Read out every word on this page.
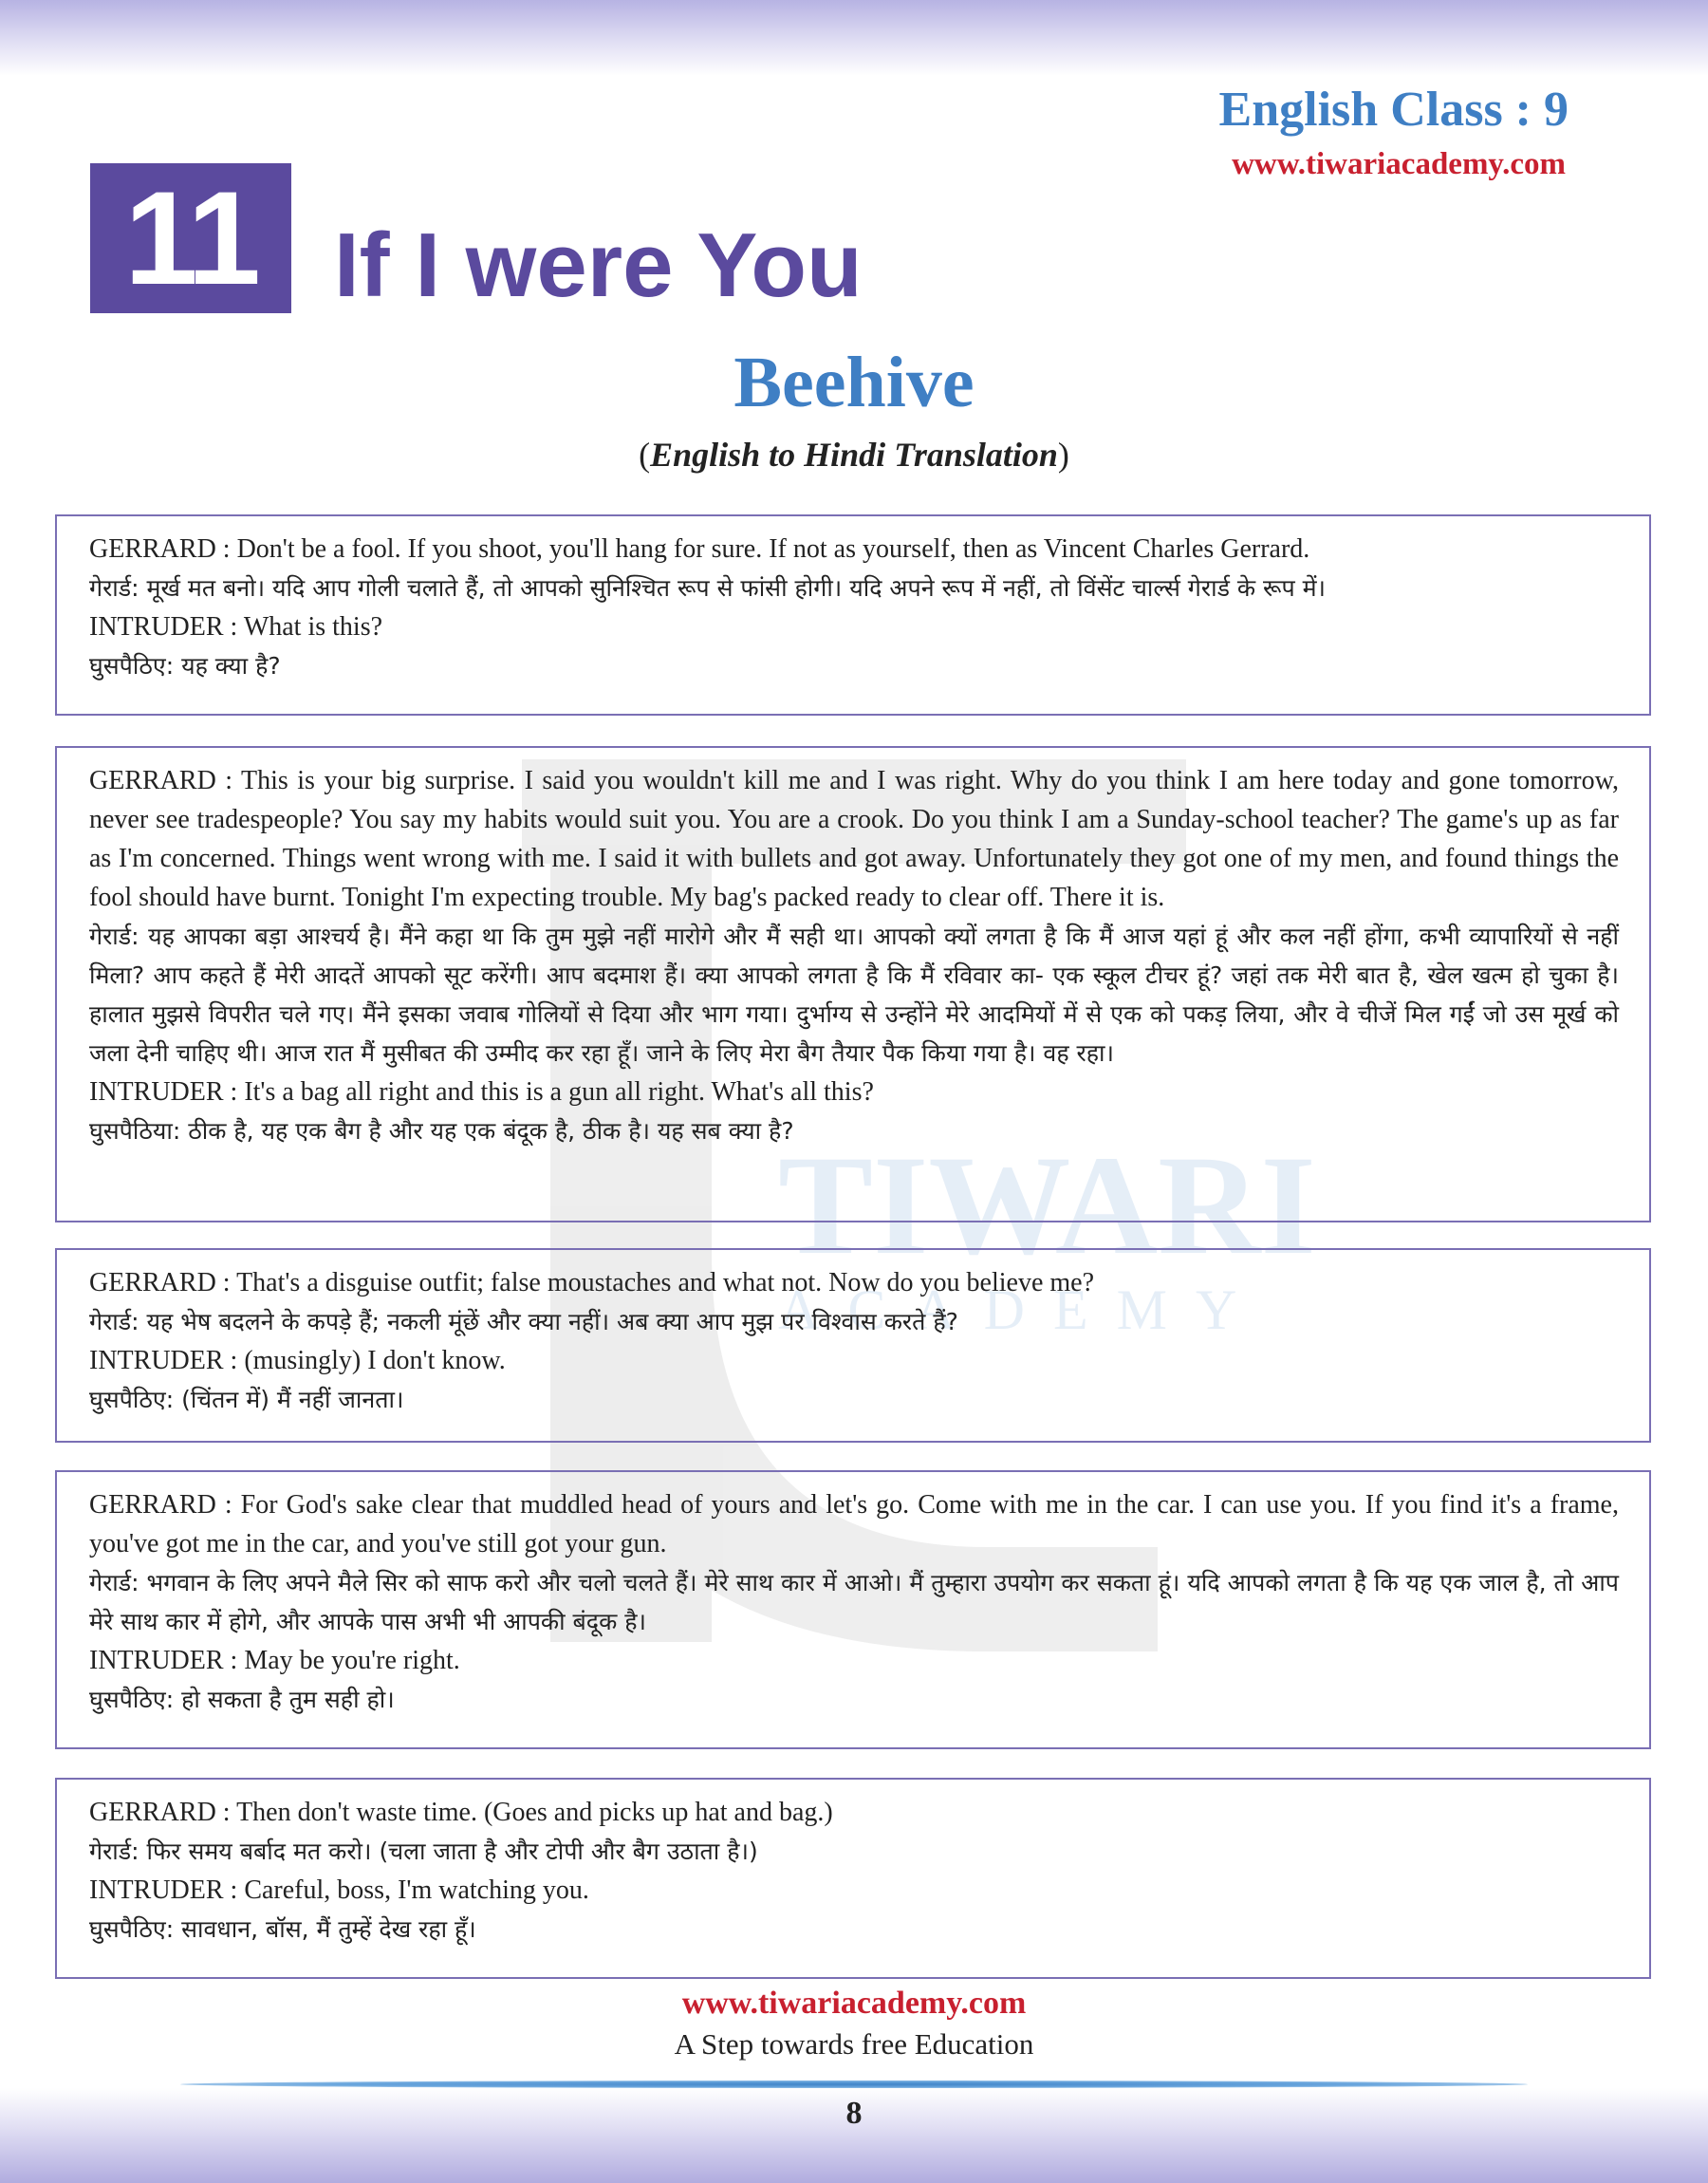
English Class : 9
www.tiwariacademy.com
11 If I were You
Beehive
(English to Hindi Translation)
TIWARI
ACADEMY

GERRARD : Don't be a fool. If you shoot, you'll hang for sure. If not as yourself, then as Vincent Charles Gerrard.

गेरार्ड: मूर्ख मत बनो। यदि आप गोली चलाते हैं, तो आपको सुनिश्चित रूप से फांसी होगी। यदि अपने रूप में नहीं, तो विंसेंट चार्ल्स गेरार्ड के रूप में।

INTRUDER : What is this?

घुसपैठिए: यह क्या है?

GERRARD : This is your big surprise. I said you wouldn't kill me and I was right. Why do you think I am here today and gone tomorrow, never see tradespeople? You say my habits would suit you. You are a crook. Do you think I am a Sunday-school teacher? The game's up as far as I'm concerned. Things went wrong with me. I said it with bullets and got away. Unfortunately they got one of my men, and found things the fool should have burnt. Tonight I'm expecting trouble. My bag's packed ready to clear off. There it is.

गेरार्ड: यह आपका बड़ा आश्चर्य है। मैंने कहा था कि तुम मुझे नहीं मारोगे और मैं सही था। आपको क्यों लगता है कि मैं आज यहां हूं और कल नहीं होंगा, कभी व्यापारियों से नहीं मिला? आप कहते हैं मेरी आदतें आपको सूट करेंगी। आप बदमाश हैं। क्या आपको लगता है कि मैं रविवार का- एक स्कूल टीचर हूं? जहां तक मेरी बात है, खेल खत्म हो चुका है। हालात मुझसे विपरीत चले गए। मैंने इसका जवाब गोलियों से दिया और भाग गया। दुर्भाग्य से उन्होंने मेरे आदमियों में से एक को पकड़ लिया, और वे चीजें मिल गईं जो उस मूर्ख को जला देनी चाहिए थी। आज रात मैं मुसीबत की उम्मीद कर रहा हूँ। जाने के लिए मेरा बैग तैयार पैक किया गया है। वह रहा।

INTRUDER : It's a bag all right and this is a gun all right. What's all this?

घुसपैठिया: ठीक है, यह एक बैग है और यह एक बंदूक है, ठीक है। यह सब क्या है?

GERRARD : That's a disguise outfit; false moustaches and what not. Now do you believe me?

गेरार्ड: यह भेष बदलने के कपड़े हैं; नकली मूंछें और क्या नहीं। अब क्या आप मुझ पर विश्वास करते हैं?

INTRUDER : (musingly) I don't know.

घुसपैठिए: (चिंतन में) मैं नहीं जानता।

GERRARD : For God's sake clear that muddled head of yours and let's go. Come with me in the car. I can use you. If you find it's a frame, you've got me in the car, and you've still got your gun.

गेरार्ड: भगवान के लिए अपने मैले सिर को साफ करो और चलो चलते हैं। मेरे साथ कार में आओ। मैं तुम्हारा उपयोग कर सकता हूं। यदि आपको लगता है कि यह एक जाल है, तो आप मेरे साथ कार में होगे, और आपके पास अभी भी आपकी बंदूक है।

INTRUDER : May be you're right.

घुसपैठिए: हो सकता है तुम सही हो।

GERRARD : Then don't waste time. (Goes and picks up hat and bag.)

गेरार्ड: फिर समय बर्बाद मत करो। (चला जाता है और टोपी और बैग उठाता है।)

INTRUDER : Careful, boss, I'm watching you.

घुसपैठिए: सावधान, बॉस, मैं तुम्हें देख रहा हूँ।

www.tiwariacademy.com
A Step towards free Education
8
